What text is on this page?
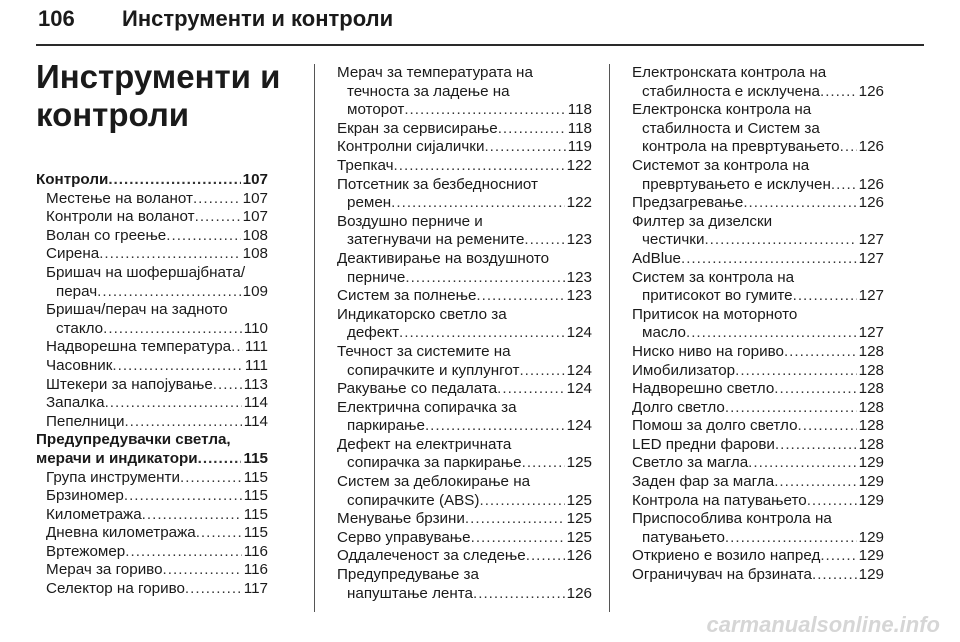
106 Инструменти и контроли
Инструменти и контроли
Контроли .....	107
Местење на воланот .....	107
Контроли на воланот .....	107
Волан со греење .....	108
Сирена .....	108
Бришач на шофершајбната/
перач .....	109
Бришач/перач на задното
стакло .....	110
Надворешна температура ..... 111
Часовник .....	111
Штекери за напојување ..... 113
Запалка .....	114
Пепелници .....	114
Предупредувачки светла,
мерачи и индикатори .....	115
Група инструменти .....	115
Брзиномер .....	115
Километража .....	115
Дневна километража .....	115
Вртежомер .....	116
Мерач за гориво .....	116
Селектор на гориво .....	117
Мерач за температурата на
течноста за ладење на
моторот .....	118
Екран за сервисирање .....	118
Контролни сијалички .....	119
Трепкач .....	122
Потсетник за безбедносниот
ремен .....	122
Воздушно перниче и
затегнувачи на ремените .....	123
Деактивирање на воздушното
перниче .....	123
Систем за полнење .....	123
Индикаторско светло за
дефект .....	124
Течност за системите на
сопирачките и куплунгот .....	124
Ракување со педалата .....	124
Електрична сопирачка за
паркирање .....	124
Дефект на електричната
сопирачка за паркирање .....	125
Систем за деблокирање на
сопирачките (ABS) .....	125
Менување брзини .....	125
Серво управување .....	125
Оддалеченост за следење .....	126
Предупредување за
напуштање лента .....	126
Електронската контрола на
стабилноста е исклучена .....	126
Електронска контрола на
стабилноста и Систем за
контрола на превртувањето ..... 126
Системот за контрола на
превртувањето е исклучен ..... 126
Предзагревање .....	126
Филтер за дизелски
честички .....	127
AdBlue .....	127
Систем за контрола на
притисокот во гумите .....	127
Притисок на моторното
масло .....	127
Ниско ниво на гориво .....	128
Имобилизатор .....	128
Надворешно светло .....	128
Долго светло .....	128
Помош за долго светло .....	128
LED предни фарови .....	128
Светло за магла .....	129
Заден фар за магла .....	129
Контрола на патувањето .....	129
Приспособлива контрола на
патувањето .....	129
Откриено е возило напред .....	129
Ограничувач на брзината .....	129
carmanualsonline.info
